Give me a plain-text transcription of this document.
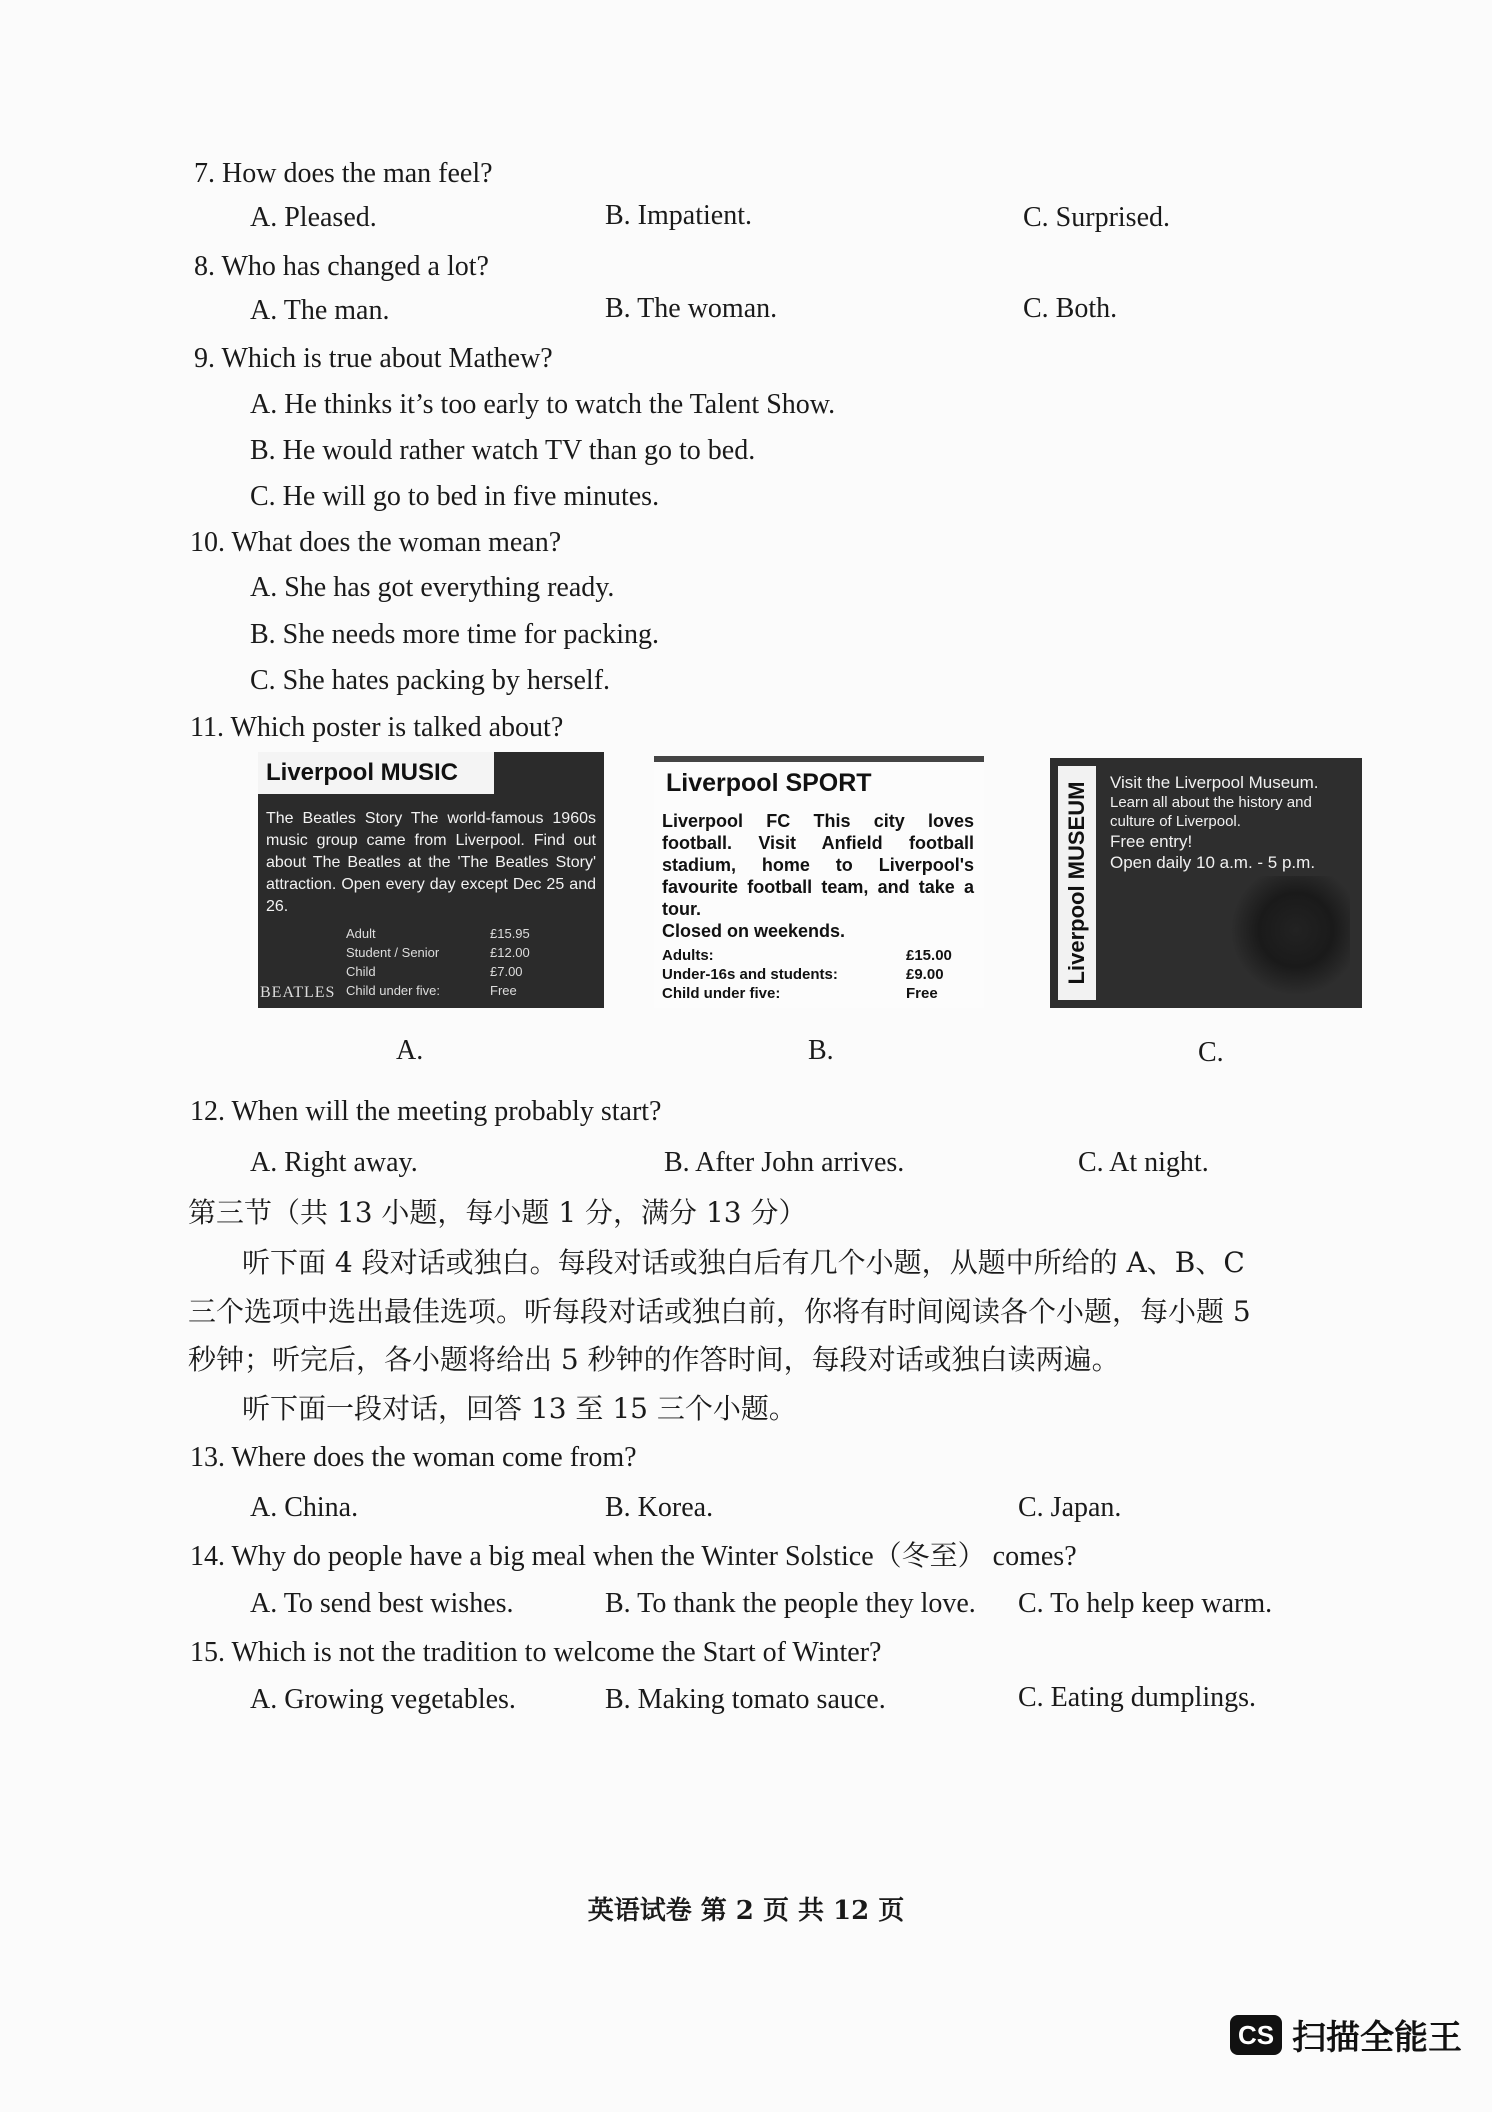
7. How does the man feel?
A. Pleased.	B. Impatient.	C. Surprised.
8. Who has changed a lot?
A. The man.	B. The woman.	C. Both.
9. Which is true about Mathew?
A. He thinks it’s too early to watch the Talent Show.
B. He would rather watch TV than go to bed.
C. He will go to bed in five minutes.
10. What does the woman mean?
A. She has got everything ready.
B. She needs more time for packing.
C. She hates packing by herself.
11. Which poster is talked about?
Liverpool MUSIC
The Beatles Story The world-famous 1960s music group came from Liverpool. Find out about The Beatles at the 'The Beatles Story' attraction. Open every day except Dec 25 and 26.
Adult	£15.95
Student / Senior	£12.00
Child	£7.00
Child under five:	Free
BEATLES
Liverpool SPORT
Liverpool FC This city loves football. Visit Anfield football stadium, home to Liverpool's favourite football team, and take a tour.
Closed on weekends.
Adults:	£15.00
Under-16s and students:	£9.00
Child under five:	Free
Liverpool MUSEUM Visit the Liverpool Museum.
Learn all about the history and culture of Liverpool.
Free entry!
Open daily 10 a.m. - 5 p.m.
A.	B.	C.
12. When will the meeting probably start?
A. Right away.	B. After John arrives.	C. At night.
第三节（共 13 小题，每小题 1 分，满分 13 分）
听下面 4 段对话或独白。每段对话或独白后有几个小题，从题中所给的 A、B、C
三个选项中选出最佳选项。听每段对话或独白前，你将有时间阅读各个小题，每小题 5
秒钟；听完后，各小题将给出 5 秒钟的作答时间，每段对话或独白读两遍。
听下面一段对话，回答 13 至 15 三个小题。
13. Where does the woman come from?
A. China.	B. Korea.	C. Japan.
14. Why do people have a big meal when the Winter Solstice（冬至） comes?
A. To send best wishes.	B. To thank the people they love. C. To help keep warm.
15. Which is not the tradition to welcome the Start of Winter?
A. Growing vegetables.	B. Making tomato sauce.	C. Eating dumplings.
英语试卷 第 2 页 共 12 页
CS 扫描全能王
